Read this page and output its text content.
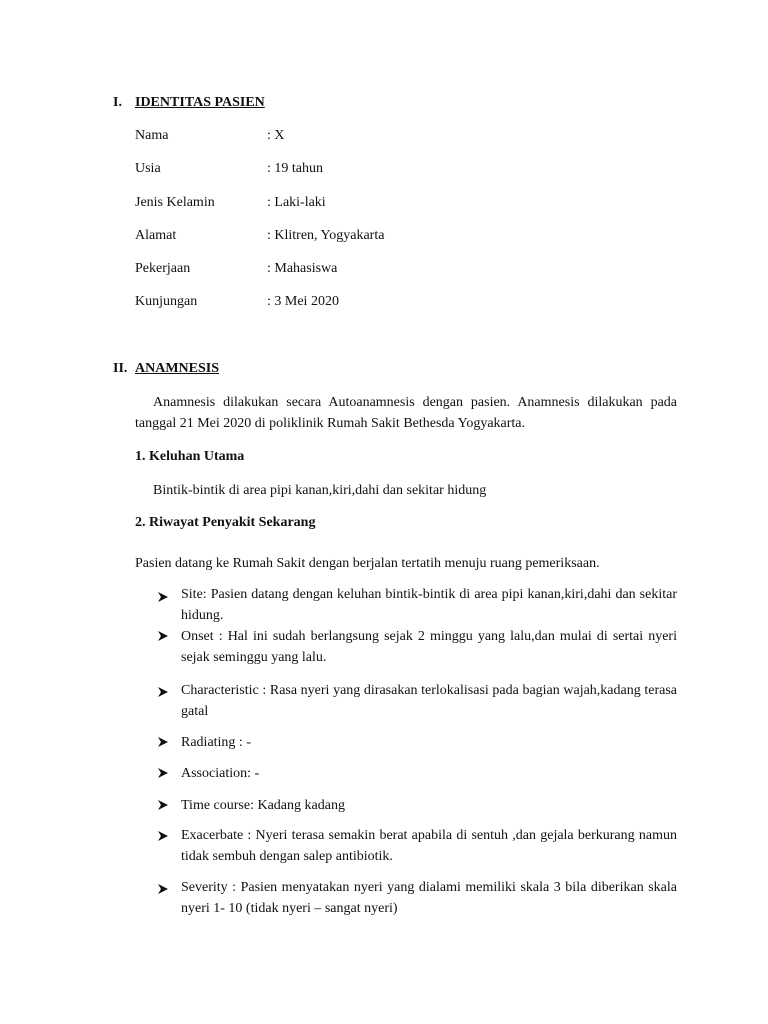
I. IDENTITAS PASIEN
Nama	: X
Usia	: 19 tahun
Jenis Kelamin	: Laki-laki
Alamat	: Klitren, Yogyakarta
Pekerjaan	: Mahasiswa
Kunjungan	: 3 Mei 2020
II. ANAMNESIS
Anamnesis dilakukan secara Autoanamnesis dengan pasien. Anamnesis dilakukan pada tanggal 21 Mei 2020 di poliklinik Rumah Sakit Bethesda Yogyakarta.
1. Keluhan Utama
Bintik-bintik di area pipi kanan,kiri,dahi dan sekitar hidung
2. Riwayat Penyakit Sekarang
Pasien datang ke Rumah Sakit dengan berjalan tertatih menuju ruang pemeriksaan.
Site: Pasien datang dengan keluhan bintik-bintik di area pipi kanan,kiri,dahi dan sekitar hidung.
Onset : Hal ini sudah berlangsung sejak 2 minggu yang lalu,dan mulai di sertai nyeri sejak seminggu yang lalu.
Characteristic : Rasa nyeri yang dirasakan terlokalisasi pada bagian wajah,kadang terasa gatal
Radiating : -
Association: -
Time course: Kadang kadang
Exacerbate : Nyeri terasa semakin berat apabila di sentuh ,dan gejala berkurang namun tidak sembuh dengan salep antibiotik.
Severity : Pasien menyatakan nyeri yang dialami memiliki skala 3 bila diberikan skala nyeri 1- 10 (tidak nyeri – sangat nyeri)
